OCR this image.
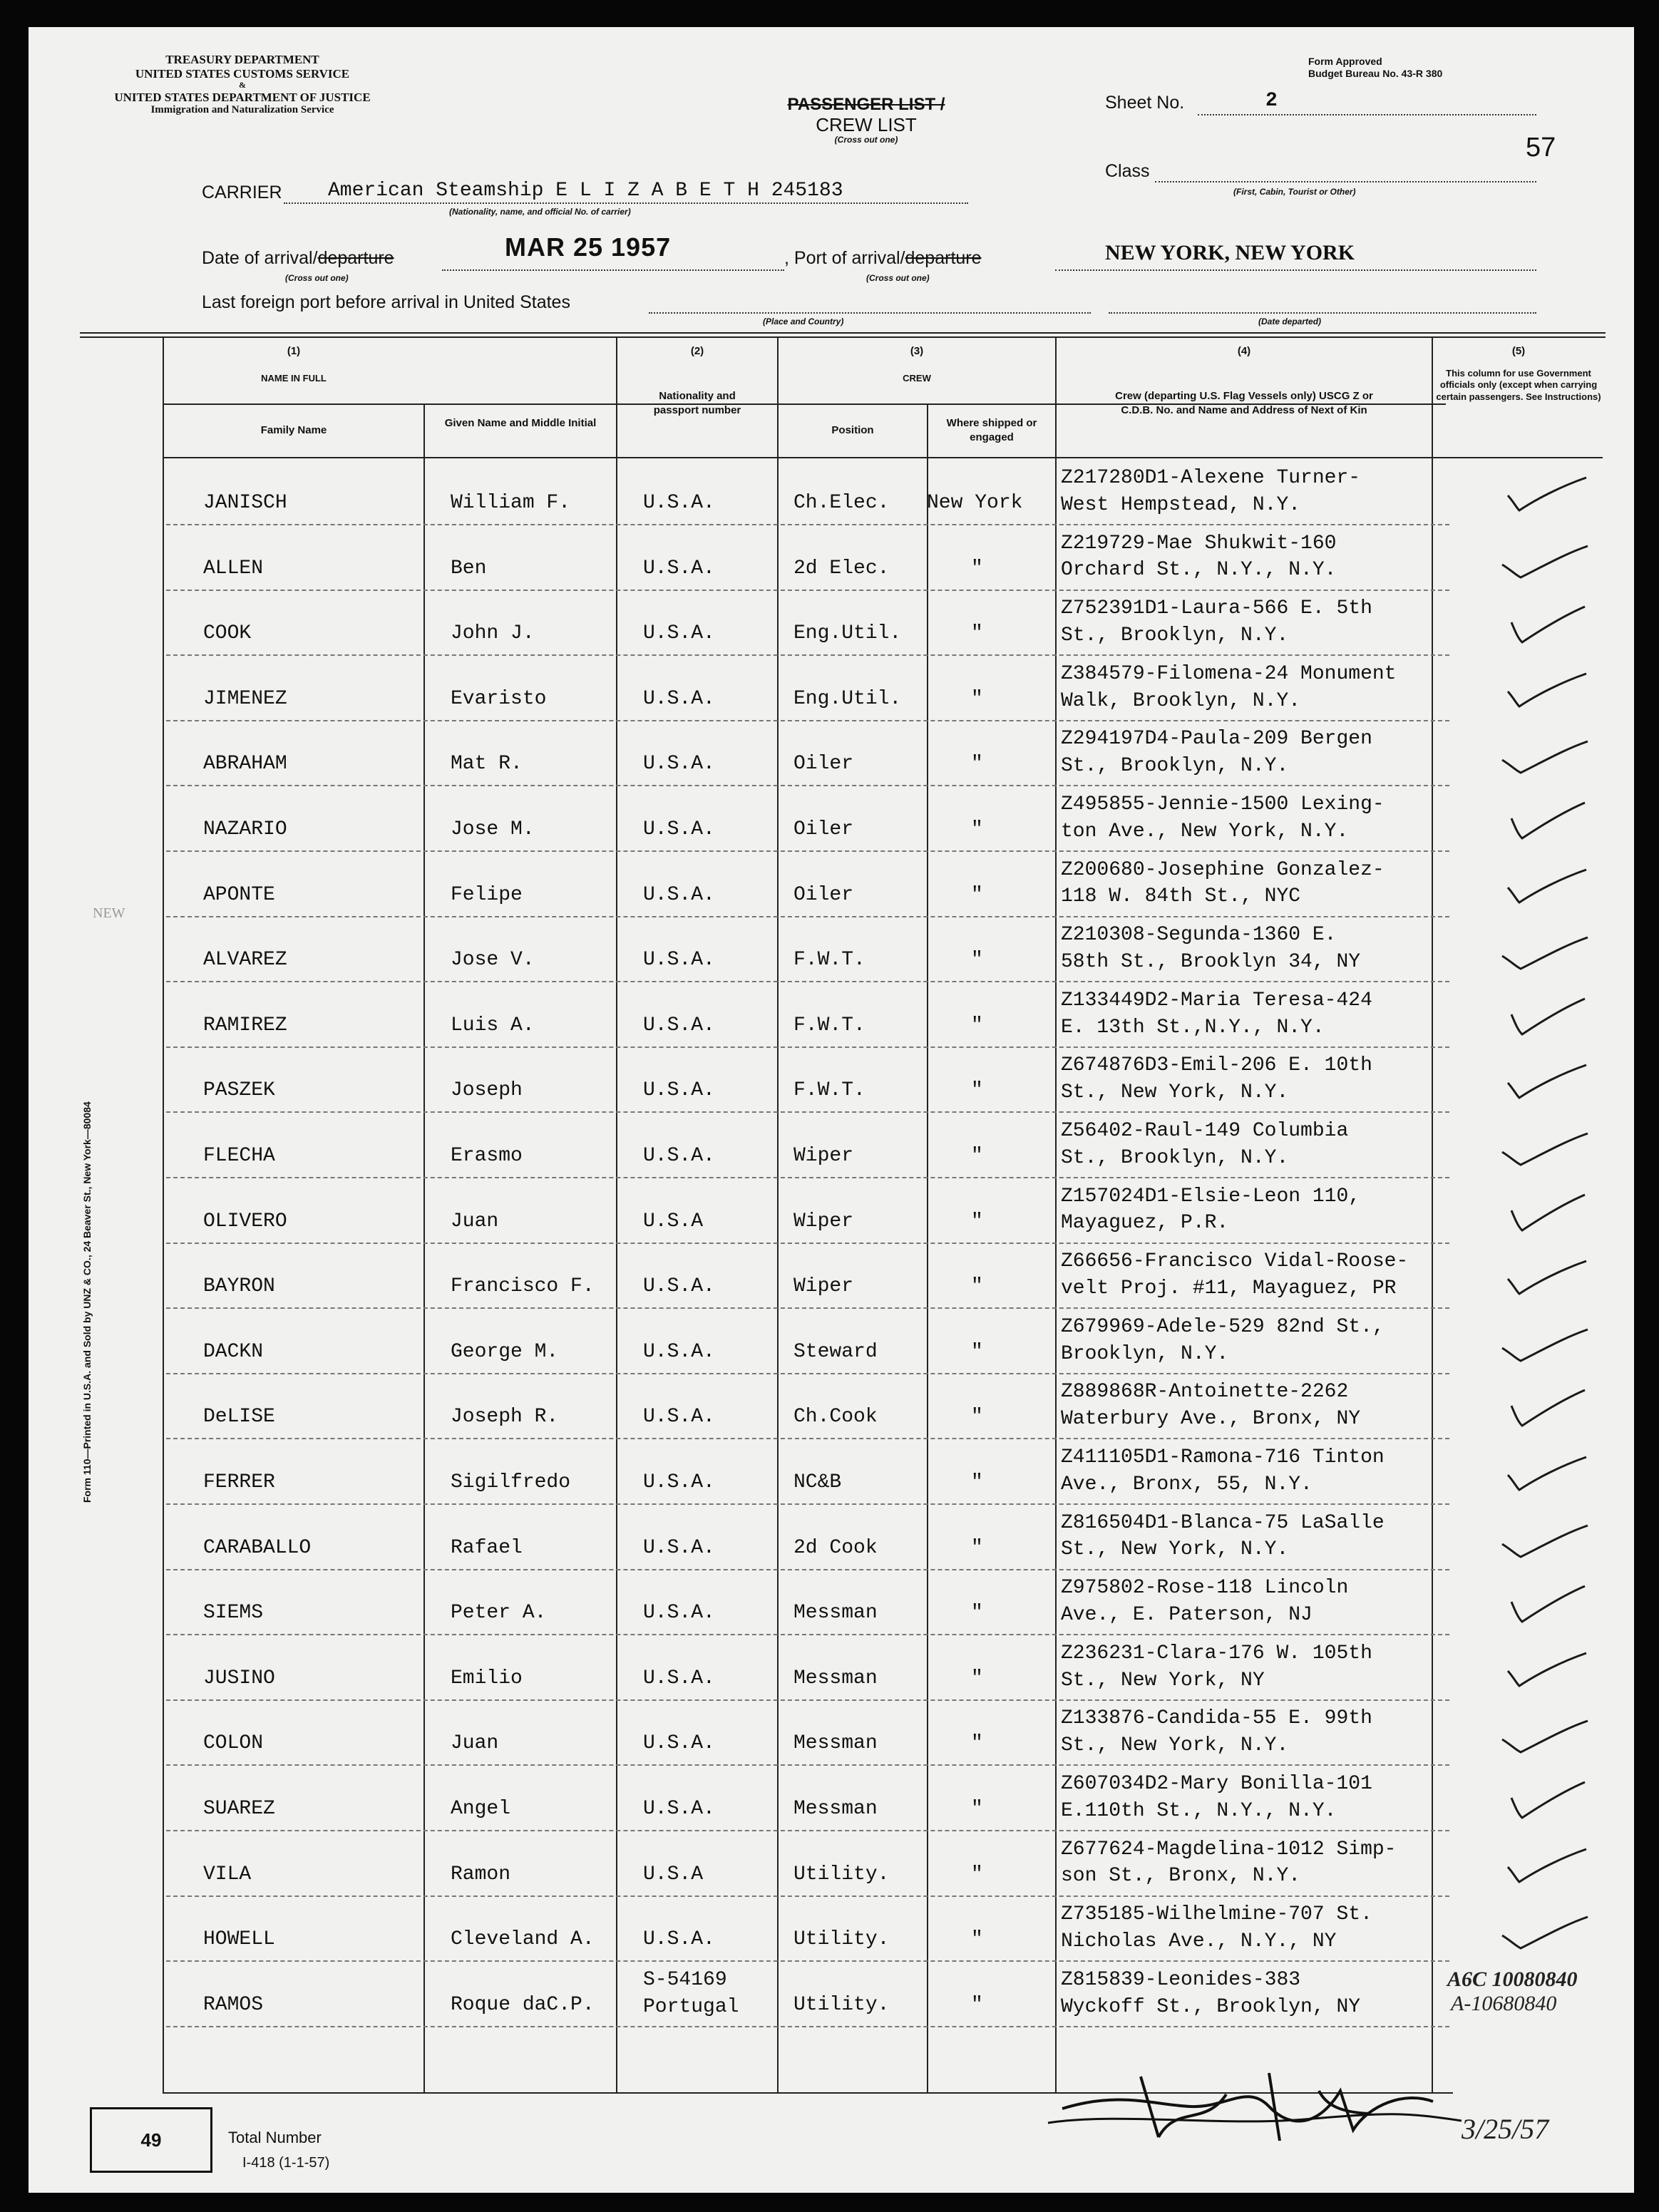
TREASURY DEPARTMENT
UNITED STATES CUSTOMS SERVICE
&
UNITED STATES DEPARTMENT OF JUSTICE
Immigration and Naturalization Service
Form Approved
Budget Bureau No. 43-R 380
PASSENGER LIST /
CREW LIST
(Cross out one)
Sheet No.	2
57
Class
(First, Cabin, Tourist or Other)
CARRIER American Steamship E L I Z A B E T H 245183
(Nationality, name, and official No. of carrier)
Date of arrival/departure
(Cross out one)
MAR 25 1957	, Port of arrival/departure
(Cross out one)
NEW YORK, NEW YORK
Last foreign port before arrival in United States
(Place and Country)	(Date departed)
(1)
NAME IN FULL
Family Name
Given Name and Middle Initial
(2)
Nationality and passport number
(3)
CREW
Position
Where shipped or engaged
(4)
Crew (departing U.S. Flag Vessels only) USCG Z or C.D.B. No. and Name and Address of Next of Kin
(5)
This column for use Government officials only (except when carrying certain passengers. See Instructions)
JANISCH	William F.	U.S.A.	Ch.Elec. New York
Z217280D1-Alexene Turner-
West Hempstead, N.Y.
ALLEN	Ben	U.S.A.	2d Elec.	"
Z219729-Mae Shukwit-160
Orchard St., N.Y., N.Y.
COOK	John J.	U.S.A.	Eng.Util.	"
Z752391D1-Laura-566 E. 5th
St., Brooklyn, N.Y.
JIMENEZ	Evaristo	U.S.A.	Eng.Util.	"
Z384579-Filomena-24 Monument
Walk, Brooklyn, N.Y.
ABRAHAM	Mat R.	U.S.A.	Oiler	"
Z294197D4-Paula-209 Bergen
St., Brooklyn, N.Y.
NAZARIO	Jose M.	U.S.A.	Oiler	"
Z495855-Jennie-1500 Lexing-
ton Ave., New York, N.Y.
APONTE	Felipe	U.S.A.	Oiler	"
Z200680-Josephine Gonzalez-
118 W. 84th St., NYC
ALVAREZ	Jose V.	U.S.A.	F.W.T.	"
Z210308-Segunda-1360 E.
58th St., Brooklyn 34, NY
RAMIREZ	Luis A.	U.S.A.	F.W.T.	"
Z133449D2-Maria Teresa-424
E. 13th St.,N.Y., N.Y.
PASZEK	Joseph	U.S.A.	F.W.T.	"
Z674876D3-Emil-206 E. 10th
St., New York, N.Y.
FLECHA	Erasmo	U.S.A.	Wiper	"
Z56402-Raul-149 Columbia
St., Brooklyn, N.Y.
OLIVERO	Juan	U.S.A	Wiper	"
Z157024D1-Elsie-Leon 110,
Mayaguez, P.R.
BAYRON	Francisco F. U.S.A.	Wiper	"
Z66656-Francisco Vidal-Roose-
velt Proj. #11, Mayaguez, PR
DACKN	George M.	U.S.A.	Steward	"
Z679969-Adele-529 82nd St.,
Brooklyn, N.Y.
DeLISE	Joseph R.	U.S.A.	Ch.Cook	"
Z889868R-Antoinette-2262
Waterbury Ave., Bronx, NY
FERRER	Sigilfredo	U.S.A.	NC&B	"
Z411105D1-Ramona-716 Tinton
Ave., Bronx, 55, N.Y.
CARABALLO	Rafael	U.S.A.	2d Cook	"
Z816504D1-Blanca-75 LaSalle
St., New York, N.Y.
SIEMS	Peter A.	U.S.A.	Messman	"
Z975802-Rose-118 Lincoln
Ave., E. Paterson, NJ
JUSINO	Emilio	U.S.A.	Messman	"
Z236231-Clara-176 W. 105th
St., New York, NY
COLON	Juan	U.S.A.	Messman	"
Z133876-Candida-55 E. 99th
St., New York, N.Y.
SUAREZ	Angel	U.S.A.	Messman	"
Z607034D2-Mary Bonilla-101
E.110th St., N.Y., N.Y.
VILA	Ramon	U.S.A	Utility.	"
Z677624-Magdelina-1012 Simp-
son St., Bronx, N.Y.
HOWELL	Cleveland A. U.S.A.	Utility.	"
Z735185-Wilhelmine-707 St.
Nicholas Ave., N.Y., NY
RAMOS	Roque daC.P.
S-54169 Portugal	Utility.	"
Z815839-Leonides-383
Wyckoff St., Brooklyn, NY
NEW
Form 110—Printed in U.S.A. and Sold by UNZ & CO., 24 Beaver St., New York—80084
A6C 10080840
A-10680840
3/25/57
49	Total Number
I-418 (1-1-57)
